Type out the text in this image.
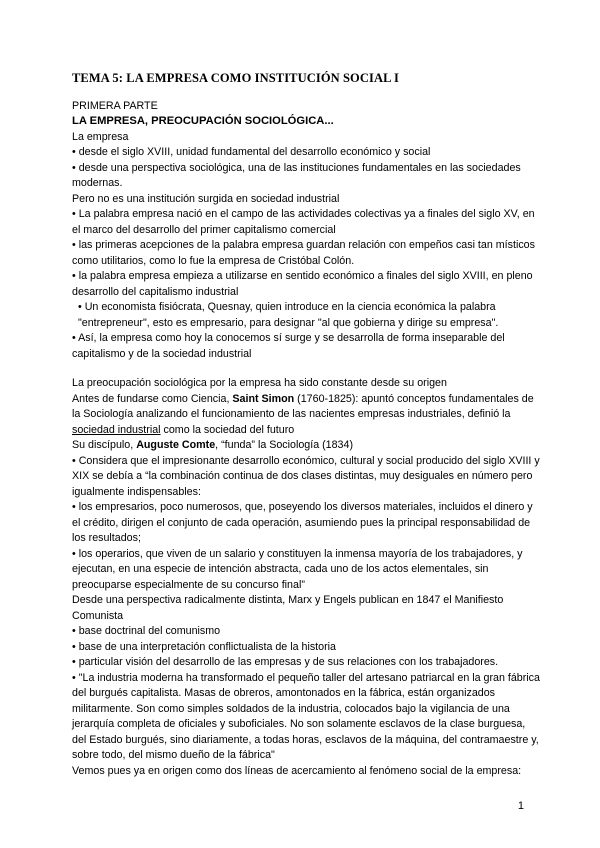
TEMA 5: LA EMPRESA COMO INSTITUCIÓN SOCIAL I

PRIMERA PARTE

LA EMPRESA, PREOCUPACIÓN SOCIOLÓGICA...

La empresa

• desde el siglo XVIII, unidad fundamental del desarrollo económico y social

• desde una perspectiva sociológica, una de las instituciones fundamentales en las sociedades modernas.

Pero no es una institución surgida en sociedad industrial

• La palabra empresa nació en el campo de las actividades colectivas ya a finales del siglo XV, en el marco del desarrollo del primer capitalismo comercial

• las primeras acepciones de la palabra empresa guardan relación con empeños casi tan místicos como utilitarios, como lo fue la empresa de Cristóbal Colón.

• la palabra empresa empieza a utilizarse en sentido económico a finales del siglo XVIII, en pleno desarrollo del capitalismo industrial

• Un economista fisiócrata, Quesnay, quien introduce en la ciencia económica la palabra "entrepreneur", esto es empresario, para designar "al que gobierna y dirige su empresa".

• Así, la empresa como hoy la conocemos sí surge y se desarrolla de forma inseparable del capitalismo y de la sociedad industrial

La preocupación sociológica por la empresa ha sido constante desde su origen

Antes de fundarse como Ciencia, Saint Simon (1760-1825): apuntó conceptos fundamentales de la Sociología analizando el funcionamiento de las nacientes empresas industriales, definió la sociedad industrial como la sociedad del futuro

Su discípulo, Auguste Comte, “funda” la Sociología (1834)

• Considera que el impresionante desarrollo económico, cultural y social producido del siglo XVIII y XIX se debía a “la combinación continua de dos clases distintas, muy desiguales en número pero igualmente indispensables:

• los empresarios, poco numerosos, que, poseyendo los diversos materiales, incluidos el dinero y el crédito, dirigen el conjunto de cada operación, asumiendo pues la principal responsabilidad de los resultados;

• los operarios, que viven de un salario y constituyen la inmensa mayoría de los trabajadores, y ejecutan, en una especie de intención abstracta, cada uno de los actos elementales, sin preocuparse especialmente de su concurso final”

Desde una perspectiva radicalmente distinta, Marx y Engels publican en 1847 el Manifiesto Comunista

• base doctrinal del comunismo

• base de una interpretación conflictualista de la historia

• particular visión del desarrollo de las empresas y de sus relaciones con los trabajadores.

• "La industria moderna ha transformado el pequeño taller del artesano patriarcal en la gran fábrica del burgués capitalista. Masas de obreros, amontonados en la fábrica, están organizados militarmente. Son como simples soldados de la industria, colocados bajo la vigilancia de una jerarquía completa de oficiales y suboficiales. No son solamente esclavos de la clase burguesa, del Estado burgués, sino diariamente, a todas horas, esclavos de la máquina, del contramaestre y, sobre todo, del mismo dueño de la fábrica"

Vemos pues ya en origen como dos líneas de acercamiento al fenómeno social de la empresa:

1
